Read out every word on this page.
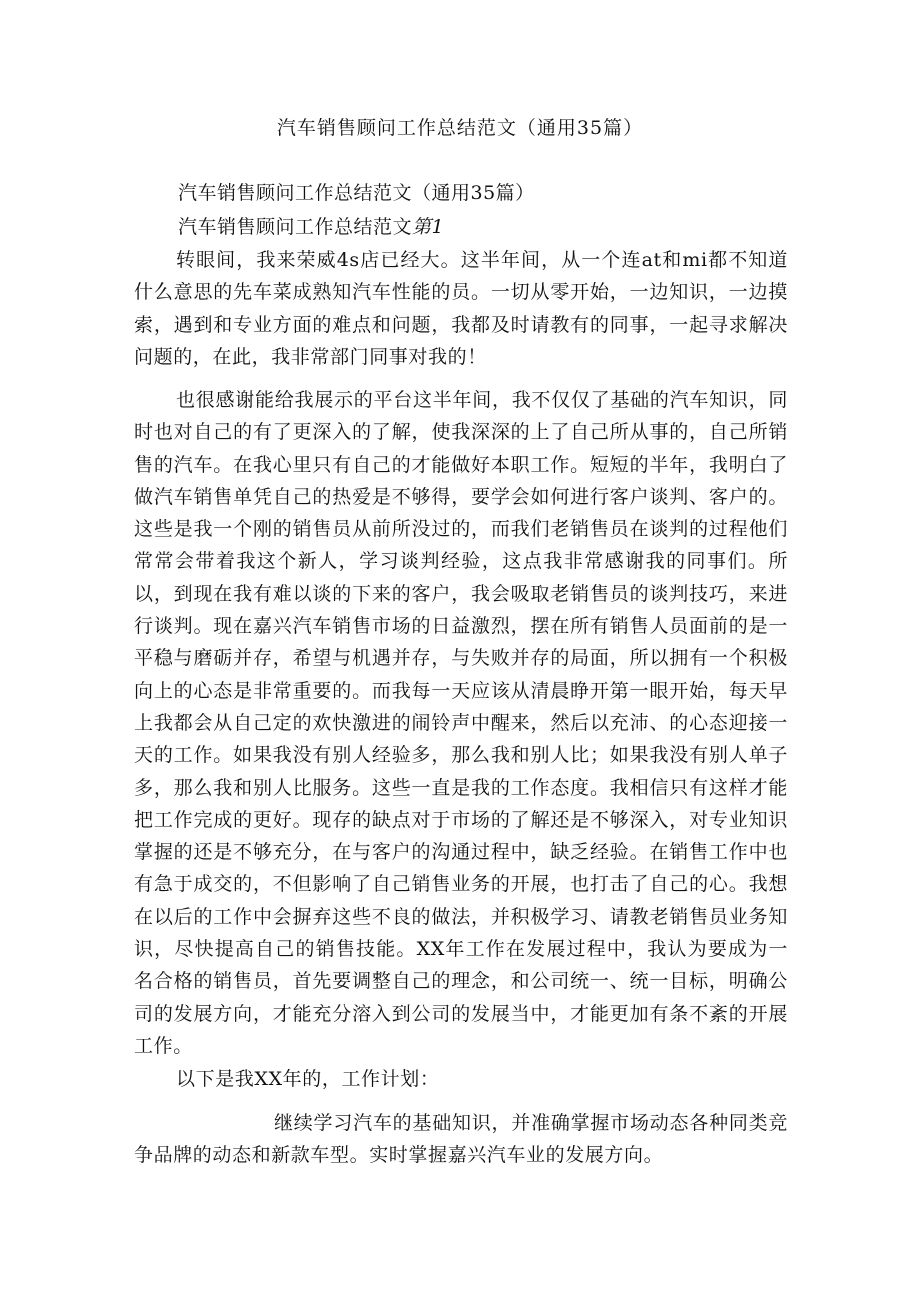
汽车销售顾问工作总结范文（通用35篇）
汽车销售顾问工作总结范文（通用35篇）
汽车销售顾问工作总结范文第1

转眼间，我来荣威4s店已经大。这半年间，从一个连at和mi都不知道什么意思的先车菜成熟知汽车性能的员。一切从零开始，一边知识，一边摸索，遇到和专业方面的难点和问题，我都及时请教有的同事，一起寻求解决问题的，在此，我非常部门同事对我的！

也很感谢能给我展示的平台这半年间，我不仅仅了基础的汽车知识，同时也对自己的有了更深入的了解，使我深深的上了自己所从事的，自己所销售的汽车。在我心里只有自己的才能做好本职工作。短短的半年，我明白了做汽车销售单凭自己的热爱是不够得，要学会如何进行客户谈判、客户的。这些是我一个刚的销售员从前所没过的，而我们老销售员在谈判的过程他们常常会带着我这个新人，学习谈判经验，这点我非常感谢我的同事们。所以，到现在我有难以谈的下来的客户，我会吸取老销售员的谈判技巧，来进行谈判。现在嘉兴汽车销售市场的日益激烈，摆在所有销售人员面前的是一平稳与磨砺并存，希望与机遇并存，与失败并存的局面，所以拥有一个积极向上的心态是非常重要的。而我每一天应该从清晨睁开第一眼开始，每天早上我都会从自己定的欢快激进的闹铃声中醒来，然后以充沛、的心态迎接一天的工作。如果我没有别人经验多，那么我和别人比；如果我没有别人单子多，那么我和别人比服务。这些一直是我的工作态度。我相信只有这样才能把工作完成的更好。现存的缺点对于市场的了解还是不够深入，对专业知识掌握的还是不够充分，在与客户的沟通过程中，缺乏经验。在销售工作中也有急于成交的，不但影响了自己销售业务的开展，也打击了自己的心。我想在以后的工作中会摒弃这些不良的做法，并积极学习、请教老销售员业务知识，尽快提高自己的销售技能。XX年工作在发展过程中，我认为要成为一名合格的销售员，首先要调整自己的理念，和公司统一、统一目标，明确公司的发展方向，才能充分溶入到公司的发展当中，才能更加有条不紊的开展工作。

以下是我XX年的，工作计划：

继续学习汽车的基础知识，并准确掌握市场动态各种同类竞争品牌的动态和新款车型。实时掌握嘉兴汽车业的发展方向。
